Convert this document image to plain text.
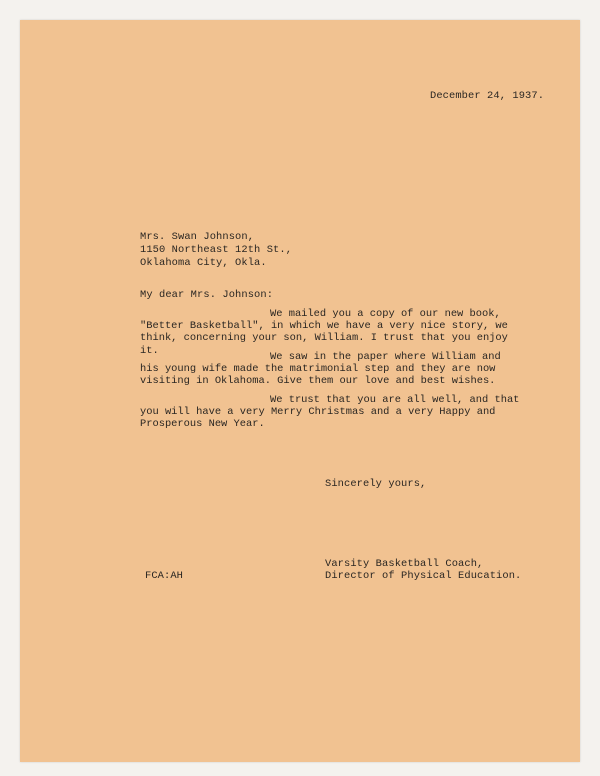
December 24, 1937.
Mrs. Swan Johnson,
1150 Northeast 12th St.,
Oklahoma City, Okla.
My dear Mrs. Johnson:
We mailed you a copy of our new book, "Better Basketball", in which we have a very nice story, we think, concerning your son, William. I trust that you enjoy it.
We saw in the paper where William and his young wife made the matrimonial step and they are now visiting in Oklahoma. Give them our love and best wishes.
We trust that you are all well, and that you will have a very Merry Christmas and a very Happy and Prosperous New Year.
Sincerely yours,
Varsity Basketball Coach,
Director of Physical Education.
FCA:AH
